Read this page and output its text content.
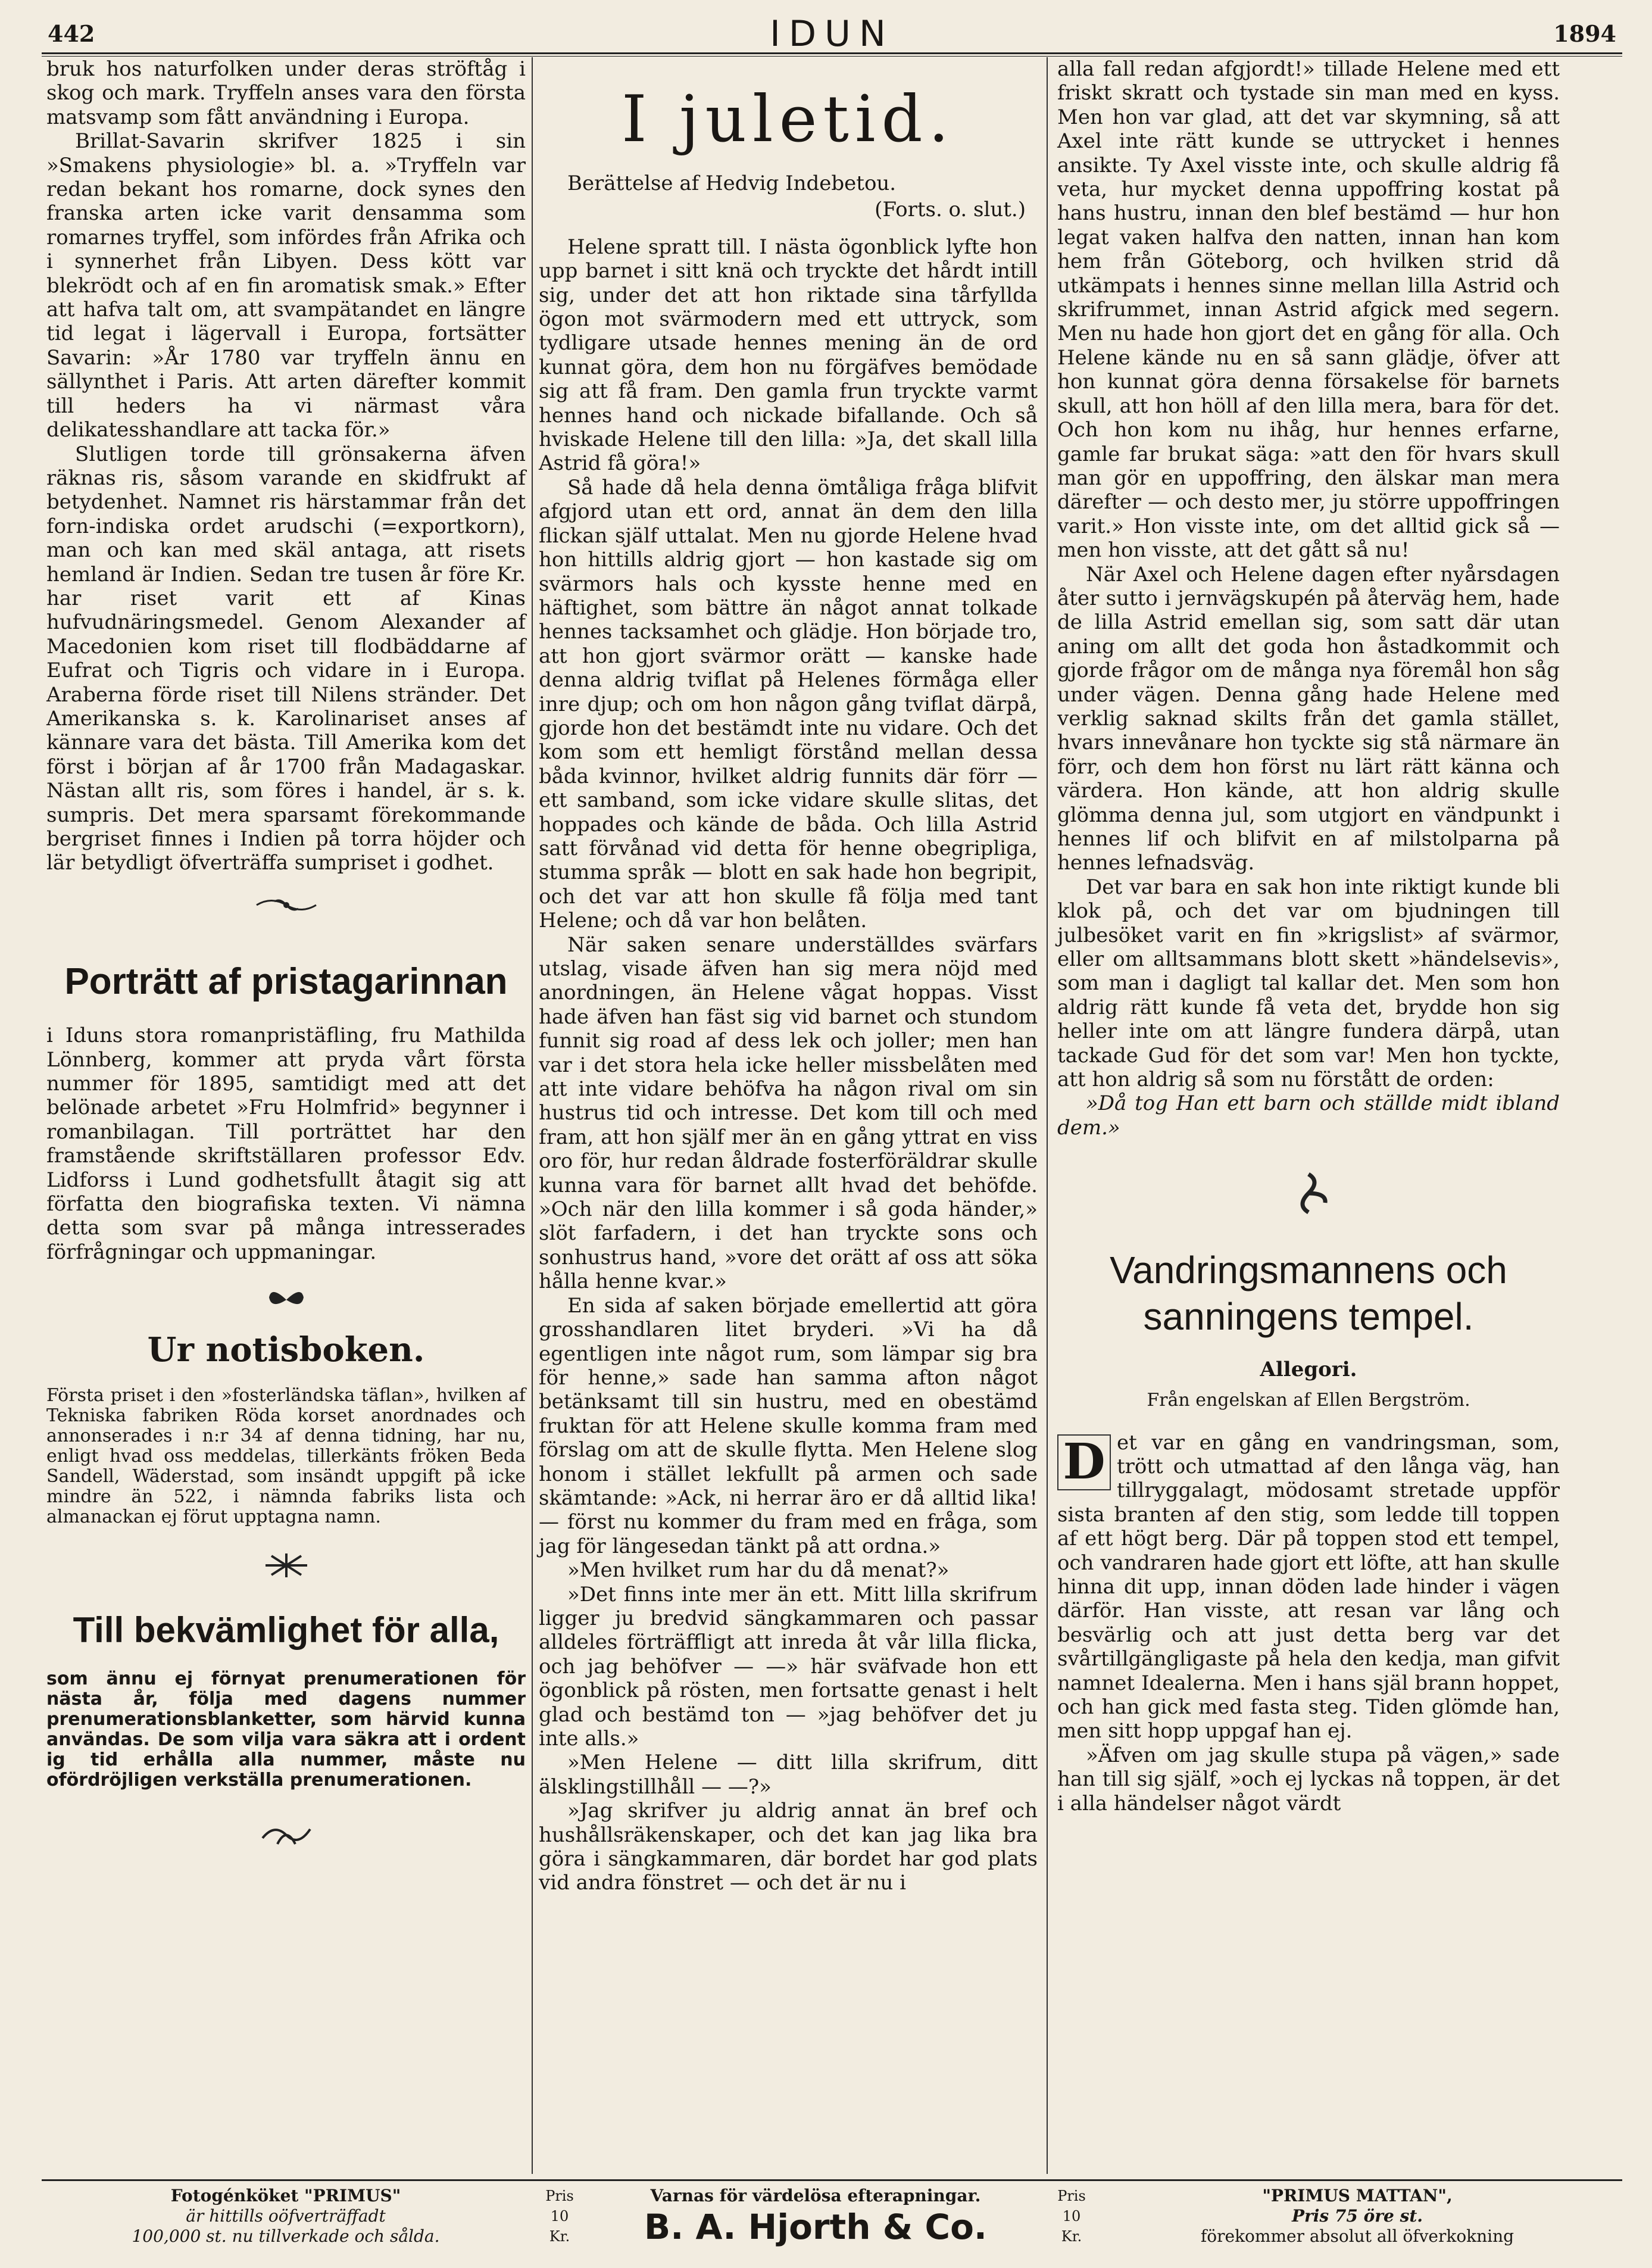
442	IDUN	1894

bruk hos naturfolken under deras ströftåg i skog och mark. Tryffeln anses vara den första matsvamp som fått användning i Europa.

Brillat-Savarin skrifver 1825 i sin »Smakens physiologie» bl. a. »Tryffeln var redan bekant hos romarne, dock synes den franska arten icke varit densamma som romarnes tryffel, som infördes från Afrika och i synnerhet från Libyen. Dess kött var blekrödt och af en fin aromatisk smak.» Efter att hafva talt om, att svampätandet en längre tid legat i lägervall i Europa, fortsätter Savarin: »År 1780 var tryffeln ännu en sällynthet i Paris. Att arten därefter kommit till heders ha vi närmast våra delikatesshandlare att tacka för.»

Slutligen torde till grönsakerna äfven räknas ris, såsom varande en skidfrukt af betydenhet. Namnet ris härstammar från det forn-indiska ordet arudschi (=exportkorn), man och kan med skäl antaga, att risets hemland är Indien. Sedan tre tusen år före Kr. har riset varit ett af Kinas hufvudnäringsmedel. Genom Alexander af Macedonien kom riset till flodbäddarne af Eufrat och Tigris och vidare in i Europa. Araberna förde riset till Nilens stränder. Det Amerikanska s. k. Karolinariset anses af kännare vara det bästa. Till Amerika kom det först i början af år 1700 från Madagaskar. Nästan allt ris, som föres i handel, är s. k. sumpris. Det mera sparsamt förekommande bergriset finnes i Indien på torra höjder och lär betydligt öfverträffa sumpriset i godhet.

Porträtt af pristagarinnan

i Iduns stora romanpristäfling, fru Mathilda Lönnberg, kommer att pryda vårt första nummer för 1895, samtidigt med att det belönade arbetet »Fru Holmfrid» begynner i romanbilagan. Till porträttet har den framstående skriftställaren professor Edv. Lidforss i Lund godhetsfullt åtagit sig att författa den biografiska texten. Vi nämna detta som svar på många intresserades förfrågningar och uppmaningar.

Ur notisboken.

Första priset i den »fosterländska täflan», hvilken af Tekniska fabriken Röda korset anordnades och annonserades i n:r 34 af denna tidning, har nu, enligt hvad oss meddelas, tillerkänts fröken Beda Sandell, Wäderstad, som insändt uppgift på icke mindre än 522, i nämnda fabriks lista och almanackan ej förut upptagna namn.

Till bekvämlighet för alla,

som ännu ej förnyat prenumerationen för nästa år, följa med dagens nummer prenumerationsblanketter, som härvid kunna användas. De som vilja vara säkra att i ordent ig tid erhålla alla nummer, måste nu ofördröjligen verkställa prenumerationen.

I juletid.

Berättelse af Hedvig Indebetou.

(Forts. o. slut.)

Helene spratt till. I nästa ögonblick lyfte hon upp barnet i sitt knä och tryckte det hårdt intill sig, under det att hon riktade sina tårfyllda ögon mot svärmodern med ett uttryck, som tydligare utsade hennes mening än de ord kunnat göra, dem hon nu förgäfves bemödade sig att få fram. Den gamla frun tryckte varmt hennes hand och nickade bifallande. Och så hviskade Helene till den lilla: »Ja, det skall lilla Astrid få göra!»

Så hade då hela denna ömtåliga fråga blifvit afgjord utan ett ord, annat än dem den lilla flickan själf uttalat. Men nu gjorde Helene hvad hon hittills aldrig gjort — hon kastade sig om svärmors hals och kysste henne med en häftighet, som bättre än något annat tolkade hennes tacksamhet och glädje. Hon började tro, att hon gjort svärmor orätt — kanske hade denna aldrig tviflat på Helenes förmåga eller inre djup; och om hon någon gång tviflat därpå, gjorde hon det bestämdt inte nu vidare. Och det kom som ett hemligt förstånd mellan dessa båda kvinnor, hvilket aldrig funnits där förr — ett samband, som icke vidare skulle slitas, det hoppades och kände de båda. Och lilla Astrid satt förvånad vid detta för henne obegripliga, stumma språk — blott en sak hade hon begripit, och det var att hon skulle få följa med tant Helene; och då var hon belåten.

När saken senare underställdes svärfars utslag, visade äfven han sig mera nöjd med anordningen, än Helene vågat hoppas. Visst hade äfven han fäst sig vid barnet och stundom funnit sig road af dess lek och joller; men han var i det stora hela icke heller missbelåten med att inte vidare behöfva ha någon rival om sin hustrus tid och intresse. Det kom till och med fram, att hon själf mer än en gång yttrat en viss oro för, hur redan åldrade fosterföräldrar skulle kunna vara för barnet allt hvad det behöfde. »Och när den lilla kommer i så goda händer,» slöt farfadern, i det han tryckte sons och sonhustrus hand, »vore det orätt af oss att söka hålla henne kvar.»

En sida af saken började emellertid att göra grosshandlaren litet bryderi. »Vi ha då egentligen inte något rum, som lämpar sig bra för henne,» sade han samma afton något betänksamt till sin hustru, med en obestämd fruktan för att Helene skulle komma fram med förslag om att de skulle flytta. Men Helene slog honom i stället lekfullt på armen och sade skämtande: »Ack, ni herrar äro er då alltid lika! — först nu kommer du fram med en fråga, som jag för längesedan tänkt på att ordna.»

»Men hvilket rum har du då menat?»

»Det finns inte mer än ett. Mitt lilla skrifrum ligger ju bredvid sängkammaren och passar alldeles förträffligt att inreda åt vår lilla flicka, och jag behöfver — —» här sväfvade hon ett ögonblick på rösten, men fortsatte genast i helt glad och bestämd ton — »jag behöfver det ju inte alls.»

»Men Helene — ditt lilla skrifrum, ditt älsklingstillhåll — —?»

»Jag skrifver ju aldrig annat än bref och hushållsräkenskaper, och det kan jag lika bra göra i sängkammaren, där bordet har god plats vid andra fönstret — och det är nu i

alla fall redan afgjordt!» tillade Helene med ett friskt skratt och tystade sin man med en kyss. Men hon var glad, att det var skymning, så att Axel inte rätt kunde se uttrycket i hennes ansikte. Ty Axel visste inte, och skulle aldrig få veta, hur mycket denna uppoffring kostat på hans hustru, innan den blef bestämd — hur hon legat vaken halfva den natten, innan han kom hem från Göteborg, och hvilken strid då utkämpats i hennes sinne mellan lilla Astrid och skrifrummet, innan Astrid afgick med segern. Men nu hade hon gjort det en gång för alla. Och Helene kände nu en så sann glädje, öfver att hon kunnat göra denna försakelse för barnets skull, att hon höll af den lilla mera, bara för det. Och hon kom nu ihåg, hur hennes erfarne, gamle far brukat säga: »att den för hvars skull man gör en uppoffring, den älskar man mera därefter — och desto mer, ju större uppoffringen varit.» Hon visste inte, om det alltid gick så — men hon visste, att det gått så nu!

När Axel och Helene dagen efter nyårsdagen åter sutto i jernvägskupén på återväg hem, hade de lilla Astrid emellan sig, som satt där utan aning om allt det goda hon åstadkommit och gjorde frågor om de många nya föremål hon såg under vägen. Denna gång hade Helene med verklig saknad skilts från det gamla stället, hvars innevånare hon tyckte sig stå närmare än förr, och dem hon först nu lärt rätt känna och värdera. Hon kände, att hon aldrig skulle glömma denna jul, som utgjort en vändpunkt i hennes lif och blifvit en af milstolparna på hennes lefnadsväg.

Det var bara en sak hon inte riktigt kunde bli klok på, och det var om bjudningen till julbesöket varit en fin »krigslist» af svärmor, eller om alltsammans blott skett »händelsevis», som man i dagligt tal kallar det. Men som hon aldrig rätt kunde få veta det, brydde hon sig heller inte om att längre fundera därpå, utan tackade Gud för det som var! Men hon tyckte, att hon aldrig så som nu förstått de orden:

»Då tog Han ett barn och ställde midt ibland dem.»

Vandringsmannens och sanningens tempel.
Allegori.
Från engelskan af Ellen Bergström.

D et var en gång en vandringsman, som, trött och utmattad af den långa väg, han tillryggalagt, mödosamt stretade uppför sista branten af den stig, som ledde till toppen af ett högt berg. Där på toppen stod ett tempel, och vandraren hade gjort ett löfte, att han skulle hinna dit upp, innan döden lade hinder i vägen därför. Han visste, att resan var lång och besvärlig och att just detta berg var det svårtillgängligaste på hela den kedja, man gifvit namnet Idealerna. Men i hans själ brann hoppet, och han gick med fasta steg. Tiden glömde han, men sitt hopp uppgaf han ej.

»Äfven om jag skulle stupa på vägen,» sade han till sig själf, »och ej lyckas nå toppen, är det i alla händelser något värdt

Fotogénköket "PRIMUS"
är hittills oöfverträffadt
100,000 st. nu tillverkade och sålda.
Pris 10 Kr.
Varnas för värdelösa efterapningar.
B. A. Hjorth & Co.
Pris 10 Kr.
"PRIMUS MATTAN",
Pris 75 öre st.
förekommer absolut all öfverkokning
